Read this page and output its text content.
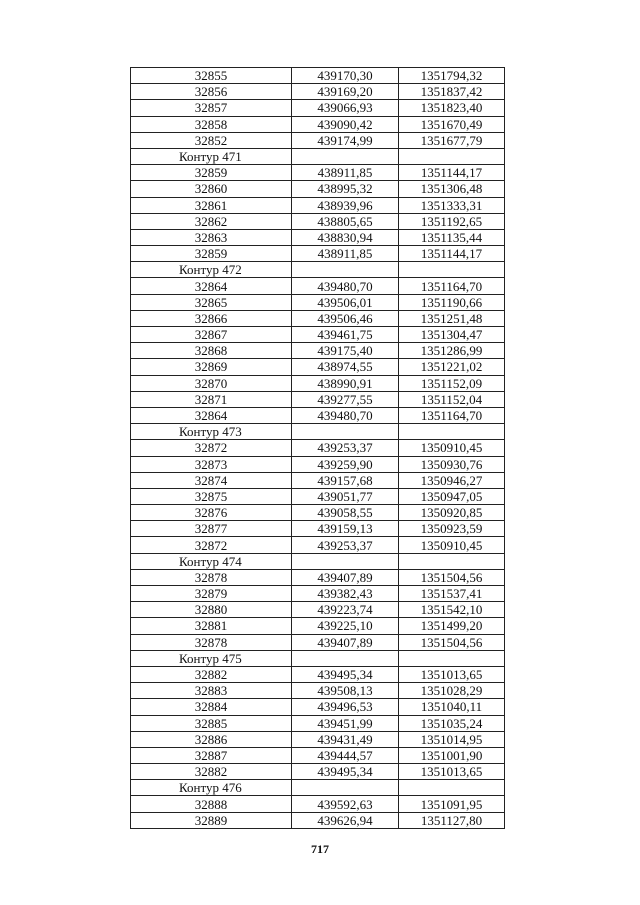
32855	439170,30	1351794,32
32856	439169,20	1351837,42
32857	439066,93	1351823,40
32858	439090,42	1351670,49
32852	439174,99	1351677,79
Контур 471		
32859	438911,85	1351144,17
32860	438995,32	1351306,48
32861	438939,96	1351333,31
32862	438805,65	1351192,65
32863	438830,94	1351135,44
32859	438911,85	1351144,17
Контур 472		
32864	439480,70	1351164,70
32865	439506,01	1351190,66
32866	439506,46	1351251,48
32867	439461,75	1351304,47
32868	439175,40	1351286,99
32869	438974,55	1351221,02
32870	438990,91	1351152,09
32871	439277,55	1351152,04
32864	439480,70	1351164,70
Контур 473		
32872	439253,37	1350910,45
32873	439259,90	1350930,76
32874	439157,68	1350946,27
32875	439051,77	1350947,05
32876	439058,55	1350920,85
32877	439159,13	1350923,59
32872	439253,37	1350910,45
Контур 474		
32878	439407,89	1351504,56
32879	439382,43	1351537,41
32880	439223,74	1351542,10
32881	439225,10	1351499,20
32878	439407,89	1351504,56
Контур 475		
32882	439495,34	1351013,65
32883	439508,13	1351028,29
32884	439496,53	1351040,11
32885	439451,99	1351035,24
32886	439431,49	1351014,95
32887	439444,57	1351001,90
32882	439495,34	1351013,65
Контур 476		
32888	439592,63	1351091,95
32889	439626,94	1351127,80
717
